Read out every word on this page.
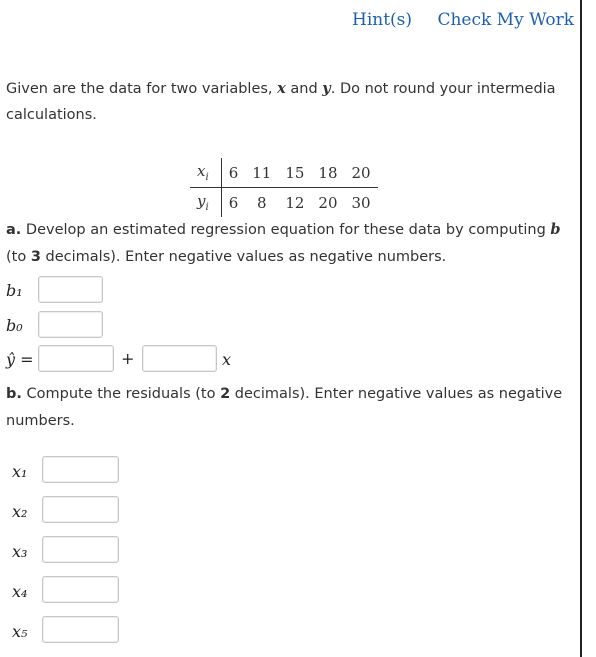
Hint(s) Check My Work
Given are the data for two variables, x and y. Do not round your intermedia
calculations.
$x_i$	6	11	15	18	20
$y_i$	6	8	12	20	30
a. Develop an estimated regression equation for these data by computing b
(to 3 decimals). Enter negative values as negative numbers.
b₁
b₀
ŷ =	+	x
b. Compute the residuals (to 2 decimals). Enter negative values as negative
numbers.
x₁
x₂
x₃
x₄
x₅
